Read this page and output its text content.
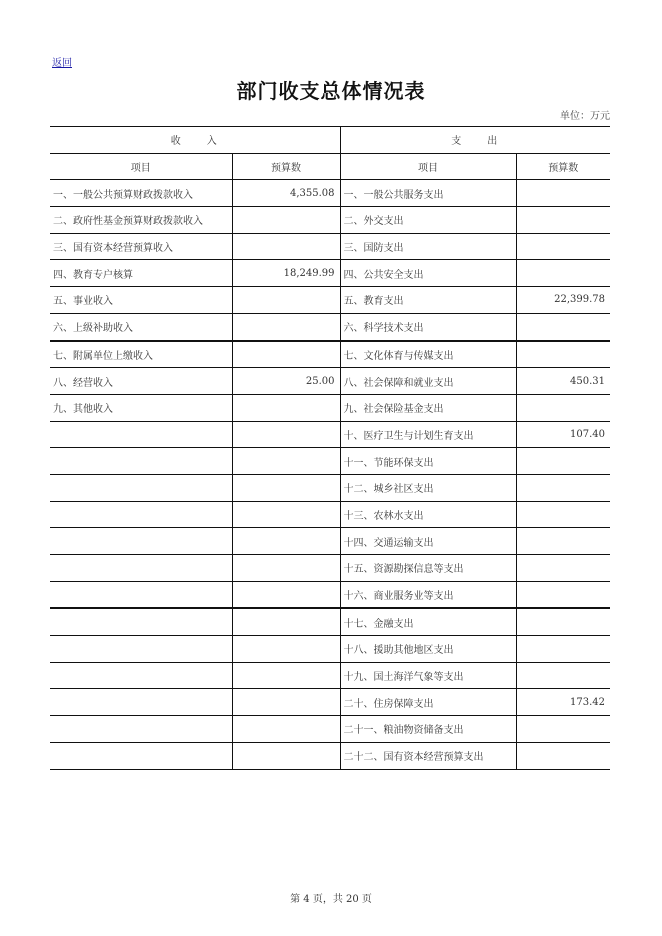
返回
部门收支总体情况表
单位：万元
收　　入		支　　出	
项目	预算数	项目	预算数
一、一般公共预算财政拨款收入	4,355.08	一、一般公共服务支出	
二、政府性基金预算财政拨款收入		二、外交支出	
三、国有资本经营预算收入		三、国防支出	
四、教育专户核算	18,249.99	四、公共安全支出	
五、事业收入		五、教育支出	22,399.78
六、上级补助收入		六、科学技术支出	
七、附属单位上缴收入		七、文化体育与传媒支出	
八、经营收入	25.00	八、社会保障和就业支出	450.31
九、其他收入		九、社会保险基金支出	
		十、医疗卫生与计划生育支出	107.40
		十一、节能环保支出	
		十二、城乡社区支出	
		十三、农林水支出	
		十四、交通运输支出	
		十五、资源勘探信息等支出	
		十六、商业服务业等支出	
		十七、金融支出	
		十八、援助其他地区支出	
		十九、国土海洋气象等支出	
		二十、住房保障支出	173.42
		二十一、粮油物资储备支出	
		二十二、国有资本经营预算支出	
第 4 页，共 20 页
